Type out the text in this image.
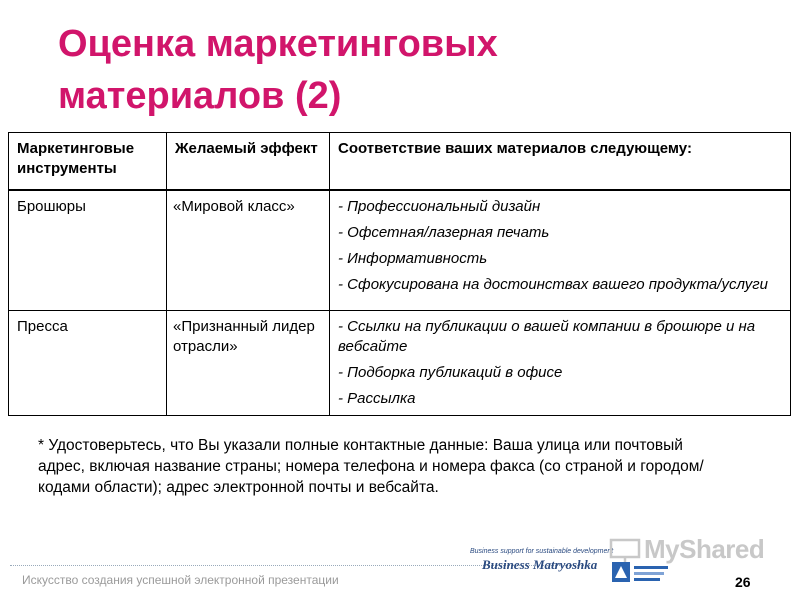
Оценка маркетинговых
материалов (2)
Маркетинговые инструменты	Желаемый эффект	Соответствие ваших материалов следующему:
Брошюры	«Мировой класс»	- Профессиональный дизайн
- Офсетная/лазерная печать
- Информативность
- Сфокусирована на достоинствах вашего продукта/услуги

Пресса	«Признанный лидер отрасли»	- Ссылки на публикации о вашей компании в брошюре и на вебсайте
- Подборка публикаций в офисе
- Рассылка
* Удостоверьтесь, что Вы указали полные контактные данные: Ваша улица или почтовый адрес, включая название страны; номера телефона и номера факса (со страной и городом/кодами области); адрес электронной почты и вебсайта.
Искусство создания успешной электронной презентации
Business support for sustainable development
Business Matryoshka
MyShared
26
